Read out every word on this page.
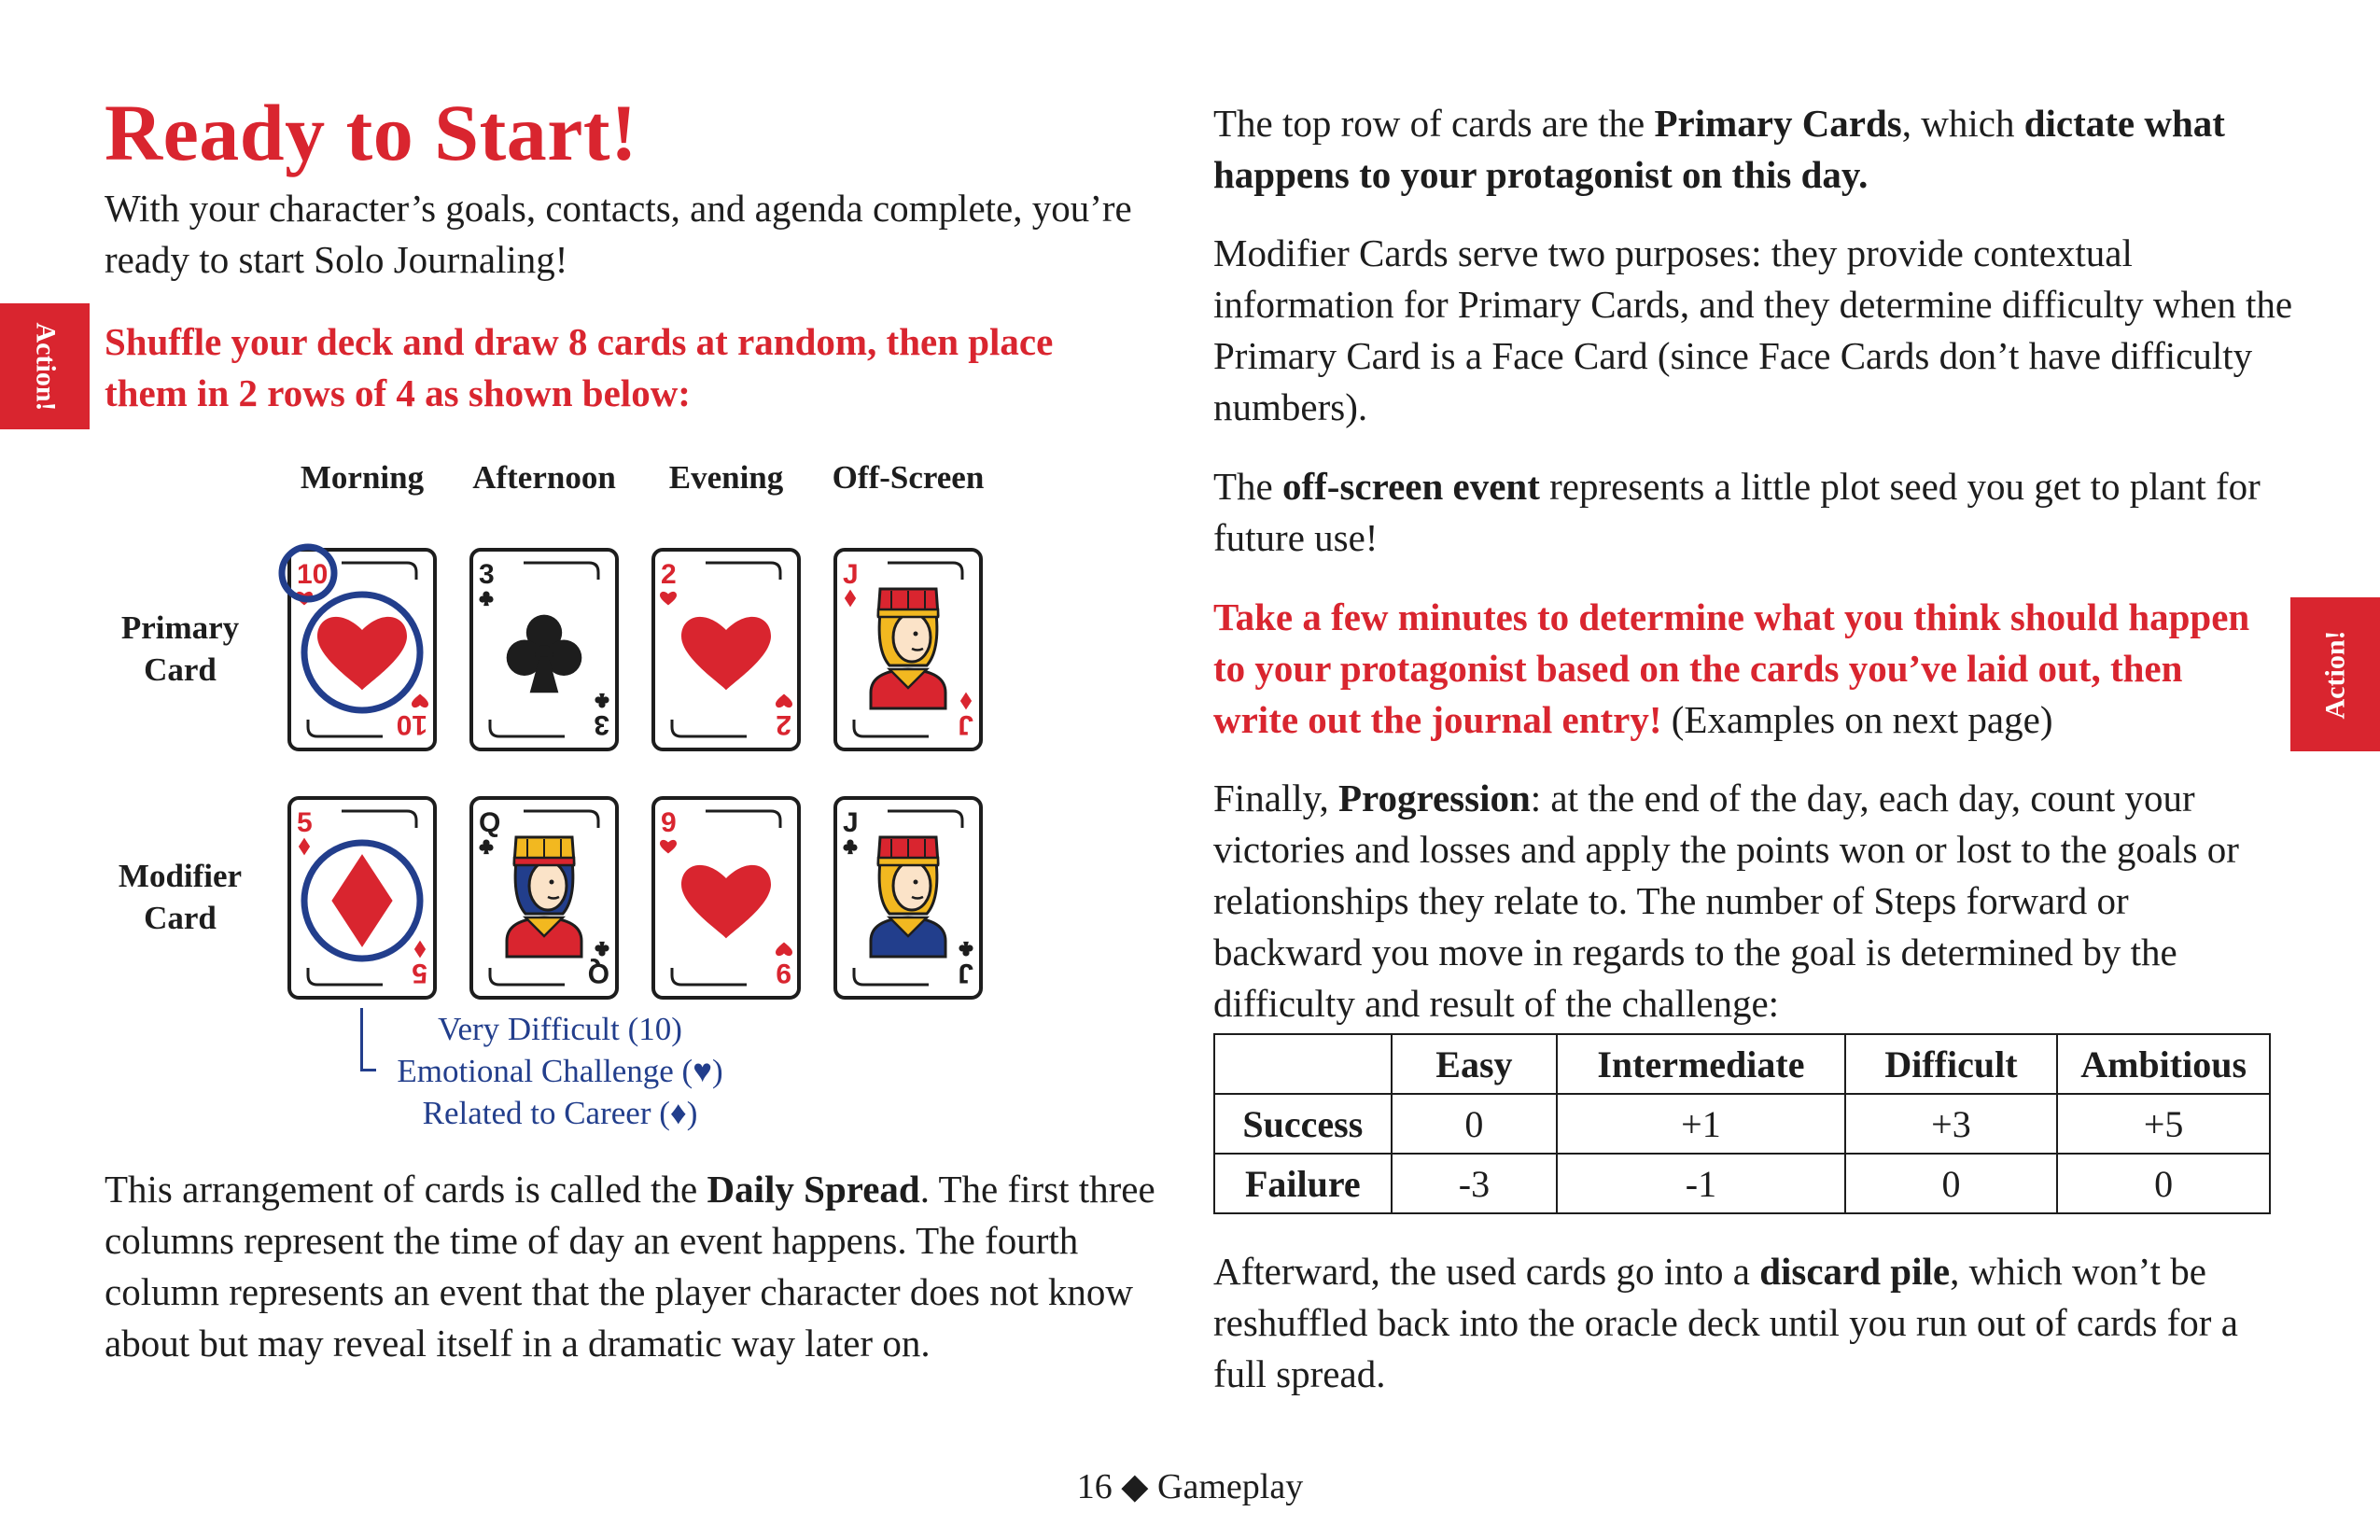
Action!
Action!
Ready to Start!

With your character’s goals, contacts, and agenda complete, you’re ready to start Solo Journaling!

Shuffle your deck and draw 8 cards at random, then place them in 2 rows of 4 as shown below:

Morning	Afternoon	Evening	Off-Screen
Primary Card
Modifier Card
10
10
3
3
2
2
J
J
5
5
Q
Q
9
9
J
J
Very Difficult (10)
Emotional Challenge (♥)
Related to Career (♦)

This arrangement of cards is called the Daily Spread. The first three columns represent the time of day an event happens. The fourth column represents an event that the player character does not know about but may reveal itself in a dramatic way later on.

The top row of cards are the Primary Cards, which dictate what happens to your protagonist on this day.

Modifier Cards serve two purposes: they provide contextual information for Primary Cards, and they determine difficulty when the Primary Card is a Face Card (since Face Cards don’t have difficulty numbers).

The off-screen event represents a little plot seed you get to plant for future use!

Take a few minutes to determine what you think should happen to your protagonist based on the cards you’ve laid out, then write out the journal entry! (Examples on next page)

Finally, Progression: at the end of the day, each day, count your victories and losses and apply the points won or lost to the goals or relationships they relate to. The number of Steps forward or backward you move in regards to the goal is determined by the difficulty and result of the challenge:

	Easy	Intermediate	Difficult	Ambitious
Success	0	+1	+3	+5
Failure	-3	-1	0	0

Afterward, the used cards go into a discard pile, which won’t be reshuffled back into the oracle deck until you run out of cards for a full spread.

16 ◆ Gameplay
